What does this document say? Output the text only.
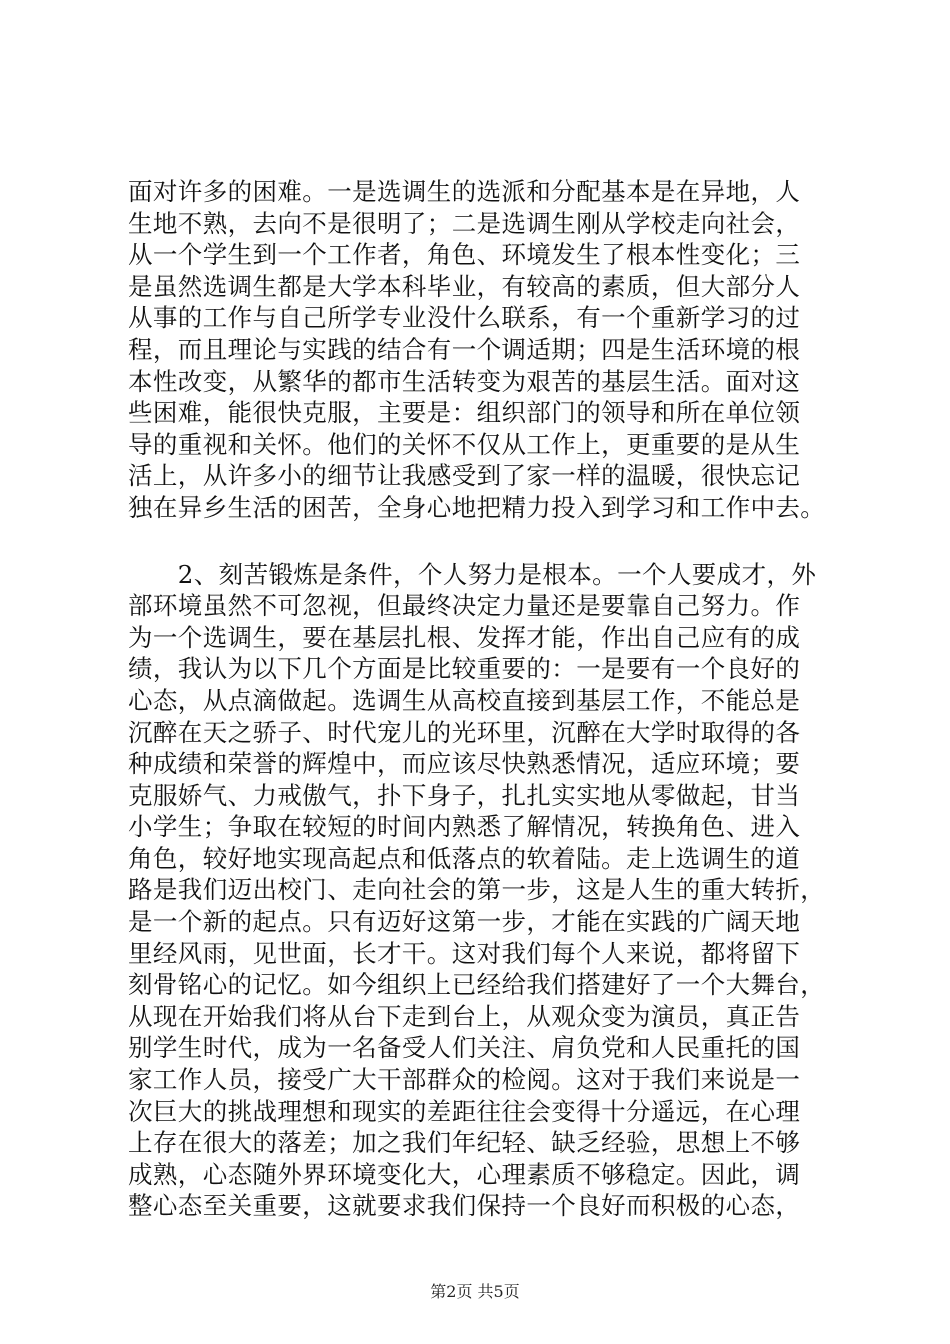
面对许多的困难。一是选调生的选派和分配基本是在异地，人
生地不熟，去向不是很明了；二是选调生刚从学校走向社会，
从一个学生到一个工作者，角色、环境发生了根本性变化；三
是虽然选调生都是大学本科毕业，有较高的素质，但大部分人
从事的工作与自己所学专业没什么联系，有一个重新学习的过
程，而且理论与实践的结合有一个调适期；四是生活环境的根
本性改变，从繁华的都市生活转变为艰苦的基层生活。面对这
些困难，能很快克服，主要是：组织部门的领导和所在单位领
导的重视和关怀。他们的关怀不仅从工作上，更重要的是从生
活上，从许多小的细节让我感受到了家一样的温暖，很快忘记
独在异乡生活的困苦，全身心地把精力投入到学习和工作中去。
　　2、刻苦锻炼是条件，个人努力是根本。一个人要成才，外
部环境虽然不可忽视，但最终决定力量还是要靠自己努力。作
为一个选调生，要在基层扎根、发挥才能，作出自己应有的成
绩，我认为以下几个方面是比较重要的：一是要有一个良好的
心态，从点滴做起。选调生从高校直接到基层工作，不能总是
沉醉在天之骄子、时代宠儿的光环里，沉醉在大学时取得的各
种成绩和荣誉的辉煌中，而应该尽快熟悉情况，适应环境；要
克服娇气、力戒傲气，扑下身子，扎扎实实地从零做起，甘当
小学生；争取在较短的时间内熟悉了解情况，转换角色、进入
角色，较好地实现高起点和低落点的软着陆。走上选调生的道
路是我们迈出校门、走向社会的第一步，这是人生的重大转折，
是一个新的起点。只有迈好这第一步，才能在实践的广阔天地
里经风雨，见世面，长才干。这对我们每个人来说，都将留下
刻骨铭心的记忆。如今组织上已经给我们搭建好了一个大舞台，
从现在开始我们将从台下走到台上，从观众变为演员，真正告
别学生时代，成为一名备受人们关注、肩负党和人民重托的国
家工作人员，接受广大干部群众的检阅。这对于我们来说是一
次巨大的挑战理想和现实的差距往往会变得十分遥远，在心理
上存在很大的落差；加之我们年纪轻、缺乏经验，思想上不够
成熟，心态随外界环境变化大，心理素质不够稳定。因此，调
整心态至关重要，这就要求我们保持一个良好而积极的心态，
第2页 共5页
